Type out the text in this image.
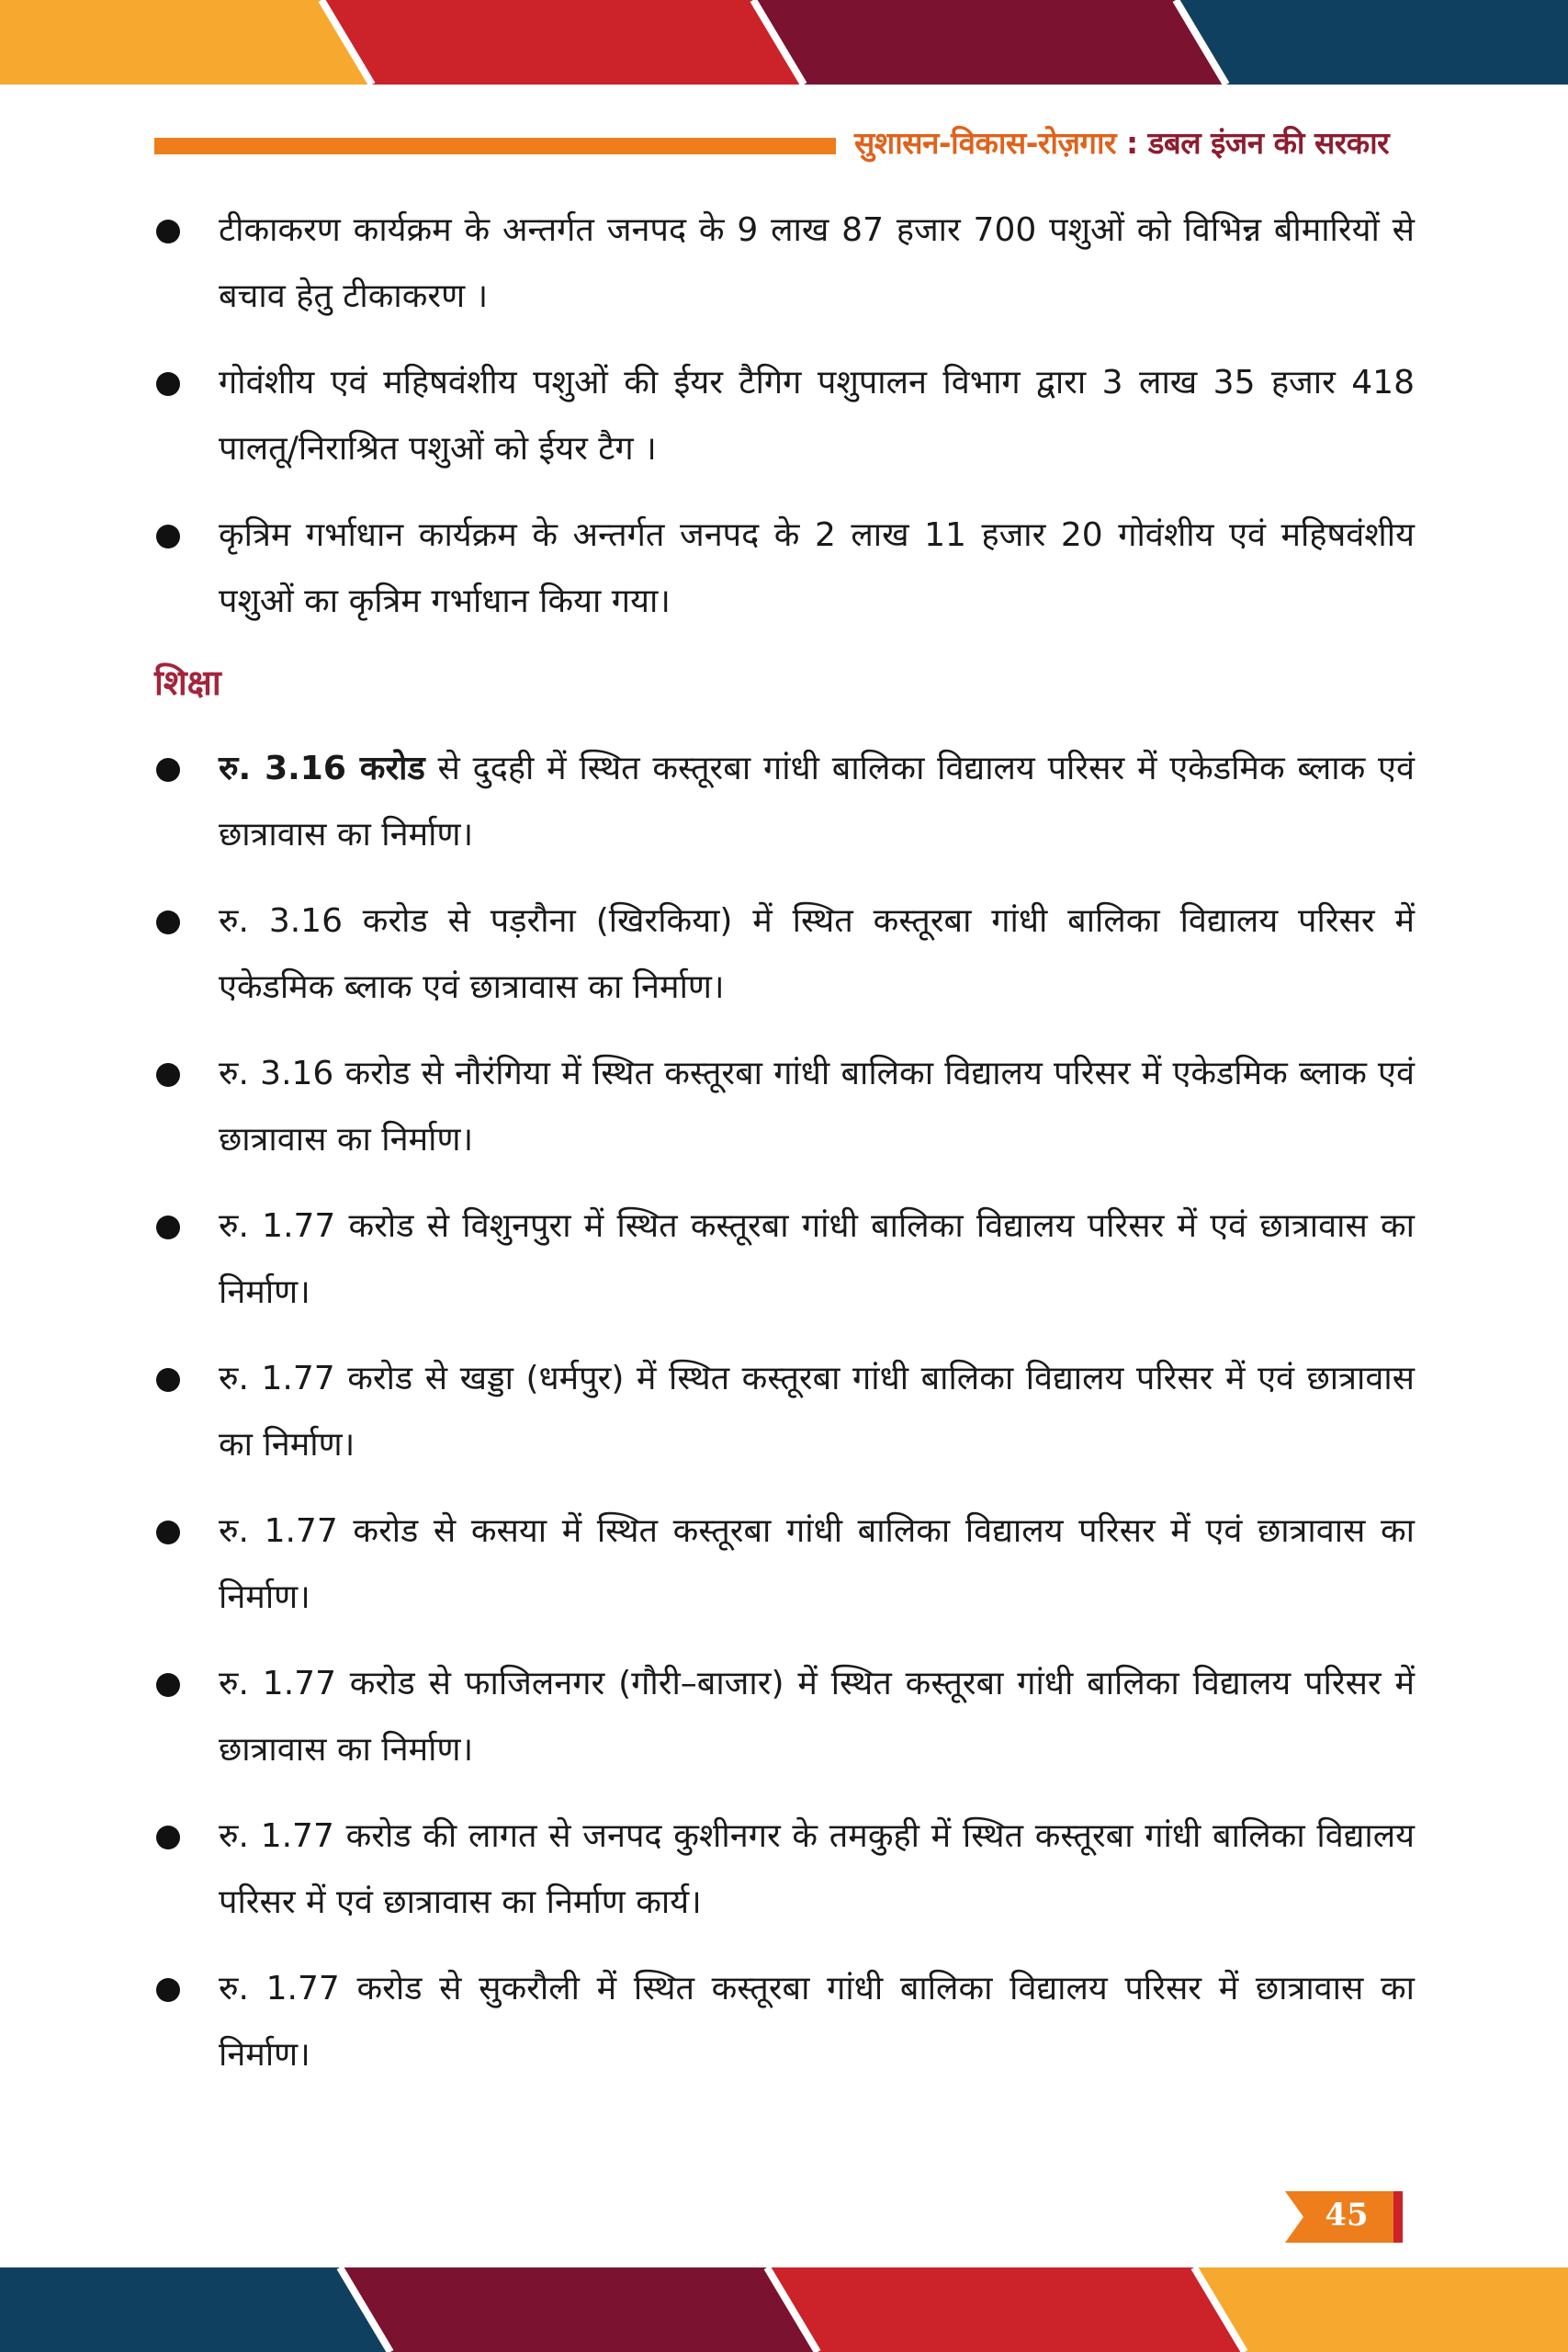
सुशासन-विकास-रोज़गार : डबल इंजन की सरकार
टीकाकरण कार्यक्रम के अन्तर्गत जनपद के 9 लाख 87 हजार 700 पशुओं को विभिन्न बीमारियों से बचाव हेतु टीकाकरण ।
गोवंशीय एवं महिषवंशीय पशुओं की ईयर टैगिग पशुपालन विभाग द्वारा 3 लाख 35 हजार 418 पालतू/निराश्रित पशुओं को ईयर टैग ।
कृत्रिम गर्भाधान कार्यक्रम के अन्तर्गत जनपद के 2 लाख 11 हजार 20 गोवंशीय एवं महिषवंशीय पशुओं का कृत्रिम गर्भाधान किया गया।
शिक्षा
रु. 3.16 करोड से दुदही में स्थित कस्तूरबा गांधी बालिका विद्यालय परिसर में एकेडमिक ब्लाक एवं छात्रावास का निर्माण।
रु. 3.16 करोड से पड़रौना (खिरकिया) में स्थित कस्तूरबा गांधी बालिका विद्यालय परिसर में एकेडमिक ब्लाक एवं छात्रावास का निर्माण।
रु. 3.16 करोड से नौरंगिया में स्थित कस्तूरबा गांधी बालिका विद्यालय परिसर में एकेडमिक ब्लाक एवं छात्रावास का निर्माण।
रु. 1.77 करोड से विशुनपुरा में स्थित कस्तूरबा गांधी बालिका विद्यालय परिसर में एवं छात्रावास का निर्माण।
रु. 1.77 करोड से खड्डा (धर्मपुर) में स्थित कस्तूरबा गांधी बालिका विद्यालय परिसर में एवं छात्रावास का निर्माण।
रु. 1.77 करोड से कसया में स्थित कस्तूरबा गांधी बालिका विद्यालय परिसर में एवं छात्रावास का निर्माण।
रु. 1.77 करोड से फाजिलनगर (गौरी–बाजार) में स्थित कस्तूरबा गांधी बालिका विद्यालय परिसर में छात्रावास का निर्माण।
रु. 1.77 करोड की लागत से जनपद कुशीनगर के तमकुही में स्थित कस्तूरबा गांधी बालिका विद्यालय परिसर में एवं छात्रावास का निर्माण कार्य।
रु. 1.77 करोड से सुकरौली में स्थित कस्तूरबा गांधी बालिका विद्यालय परिसर में छात्रावास का निर्माण।
45
